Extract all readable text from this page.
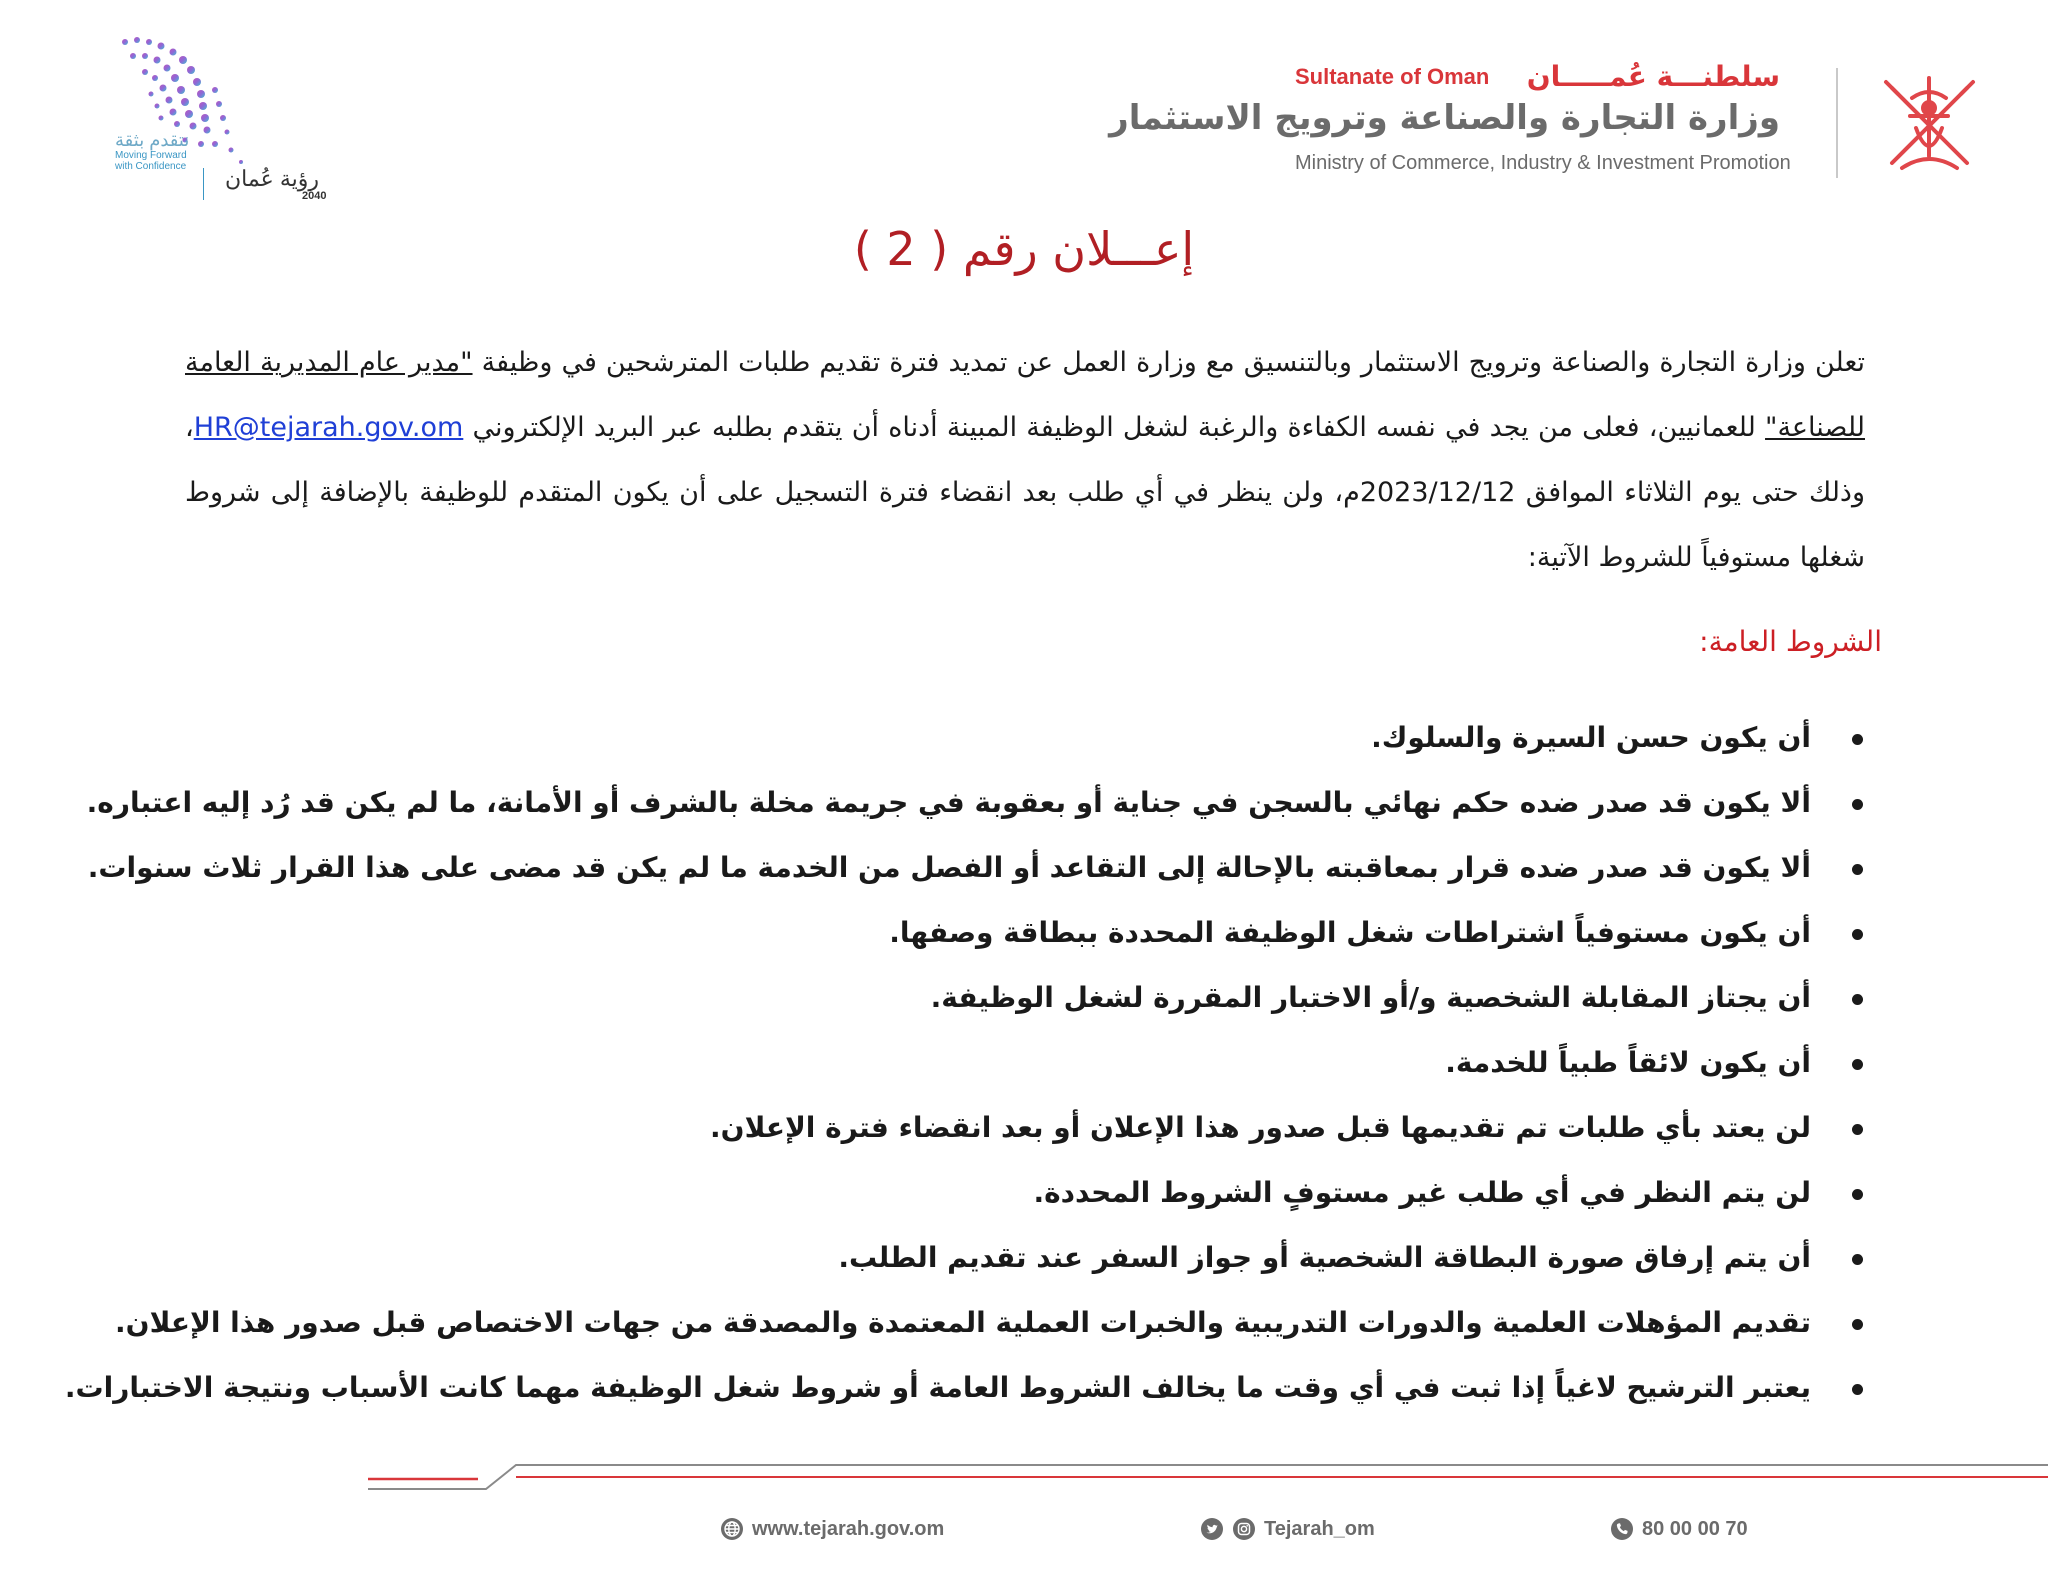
نتقدم بثقة
Moving Forward with Confidence	رؤية عُمان
2040
Sultanate of Oman سلطنـــة عُمـــــان
وزارة التجارة والصناعة وترويج الاستثمار
Ministry of Commerce, Industry & Investment Promotion
إعـــلان رقم ( 2 )
تعلن وزارة التجارة والصناعة وترويج الاستثمار وبالتنسيق مع وزارة العمل عن تمديد فترة تقديم طلبات المترشحين في وظيفة "مدير عام المديرية العامة للصناعة" للعمانيين، فعلى من يجد في نفسه الكفاءة والرغبة لشغل الوظيفة المبينة أدناه أن يتقدم بطلبه عبر البريد الإلكتروني HR@tejarah.gov.om، وذلك حتى يوم الثلاثاء الموافق 2023/12/12م، ولن ينظر في أي طلب بعد انقضاء فترة التسجيل على أن يكون المتقدم للوظيفة بالإضافة إلى شروط شغلها مستوفياً للشروط الآتية:
الشروط العامة:
أن يكون حسن السيرة والسلوك.
ألا يكون قد صدر ضده حكم نهائي بالسجن في جناية أو بعقوبة في جريمة مخلة بالشرف أو الأمانة، ما لم يكن قد رُد إليه اعتباره.
ألا يكون قد صدر ضده قرار بمعاقبته بالإحالة إلى التقاعد أو الفصل من الخدمة ما لم يكن قد مضى على هذا القرار ثلاث سنوات.
أن يكون مستوفياً اشتراطات شغل الوظيفة المحددة ببطاقة وصفها.
أن يجتاز المقابلة الشخصية و/أو الاختبار المقررة لشغل الوظيفة.
أن يكون لائقاً طبياً للخدمة.
لن يعتد بأي طلبات تم تقديمها قبل صدور هذا الإعلان أو بعد انقضاء فترة الإعلان.
لن يتم النظر في أي طلب غير مستوفٍ الشروط المحددة.
أن يتم إرفاق صورة البطاقة الشخصية أو جواز السفر عند تقديم الطلب.
تقديم المؤهلات العلمية والدورات التدريبية والخبرات العملية المعتمدة والمصدقة من جهات الاختصاص قبل صدور هذا الإعلان.
يعتبر الترشيح لاغياً إذا ثبت في أي وقت ما يخالف الشروط العامة أو شروط شغل الوظيفة مهما كانت الأسباب ونتيجة الاختبارات.
www.tejarah.gov.om	Tejarah_om	80 00 00 70
